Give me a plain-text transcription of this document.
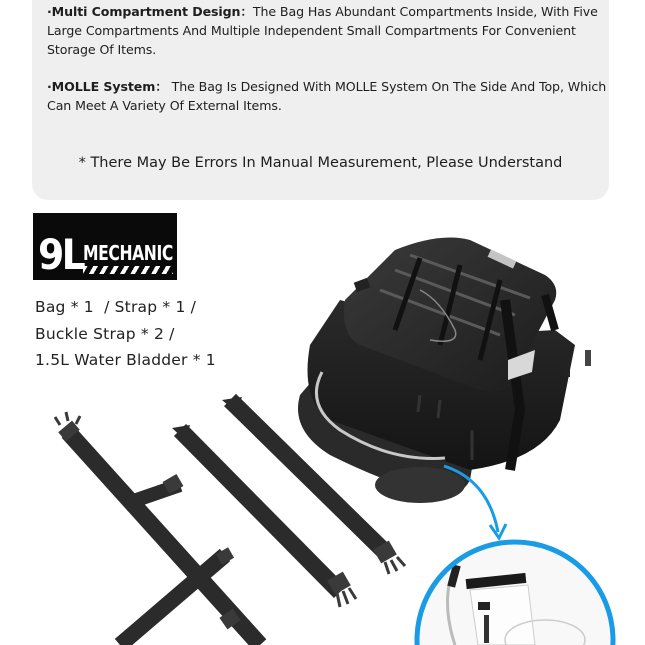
·Multi Compartment Design：The Bag Has Abundant Compartments Inside, With Five Large Compartments And Multiple Independent Small Compartments For Convenient Storage Of Items.
·MOLLE System： The Bag Is Designed With MOLLE System On The Side And Top, Which Can Meet A Variety Of External Items.
* There May Be Errors In Manual Measurement, Please Understand
9L MECHANIC
Bag * 1  / Strap * 1 /
Buckle Strap * 2 /
1.5L Water Bladder * 1
